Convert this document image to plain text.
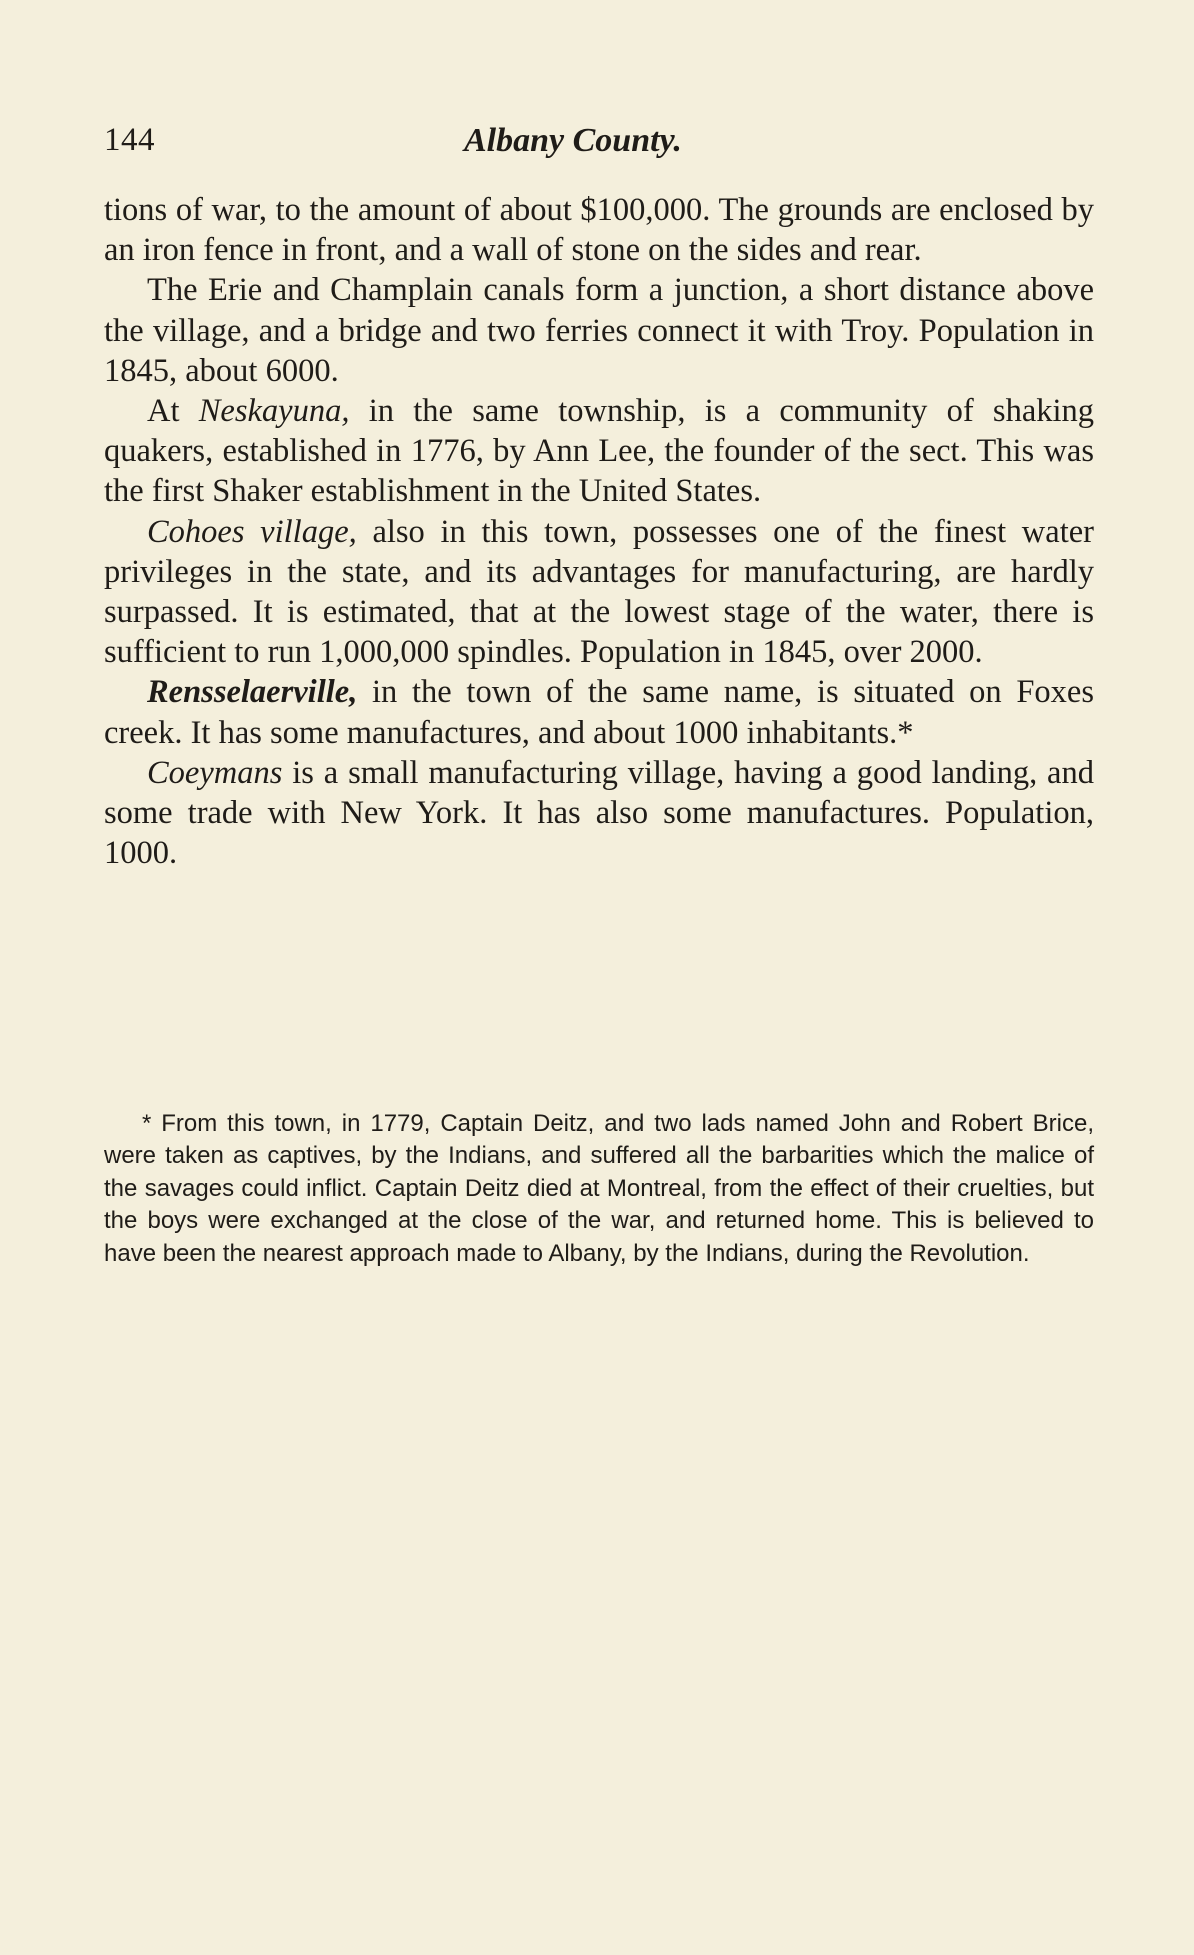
144	Albany County.

tions of war, to the amount of about $100,000. The grounds are enclosed by an iron fence in front, and a wall of stone on the sides and rear.

The Erie and Champlain canals form a junction, a short distance above the village, and a bridge and two ferries connect it with Troy. Population in 1845, about 6000.

At Neskayuna, in the same township, is a community of shaking quakers, established in 1776, by Ann Lee, the founder of the sect. This was the first Shaker establishment in the United States.

Cohoes village, also in this town, possesses one of the finest water privileges in the state, and its advantages for manufacturing, are hardly surpassed. It is estimated, that at the lowest stage of the water, there is sufficient to run 1,000,000 spindles. Population in 1845, over 2000.

Rensselaerville, in the town of the same name, is situated on Foxes creek. It has some manufactures, and about 1000 inhabitants.*

Coeymans is a small manufacturing village, having a good landing, and some trade with New York. It has also some manufactures. Population, 1000.

* From this town, in 1779, Captain Deitz, and two lads named John and Robert Brice, were taken as captives, by the Indians, and suffered all the barbarities which the malice of the savages could inflict. Captain Deitz died at Montreal, from the effect of their cruelties, but the boys were exchanged at the close of the war, and returned home. This is believed to have been the nearest approach made to Albany, by the Indians, during the Revolution.
